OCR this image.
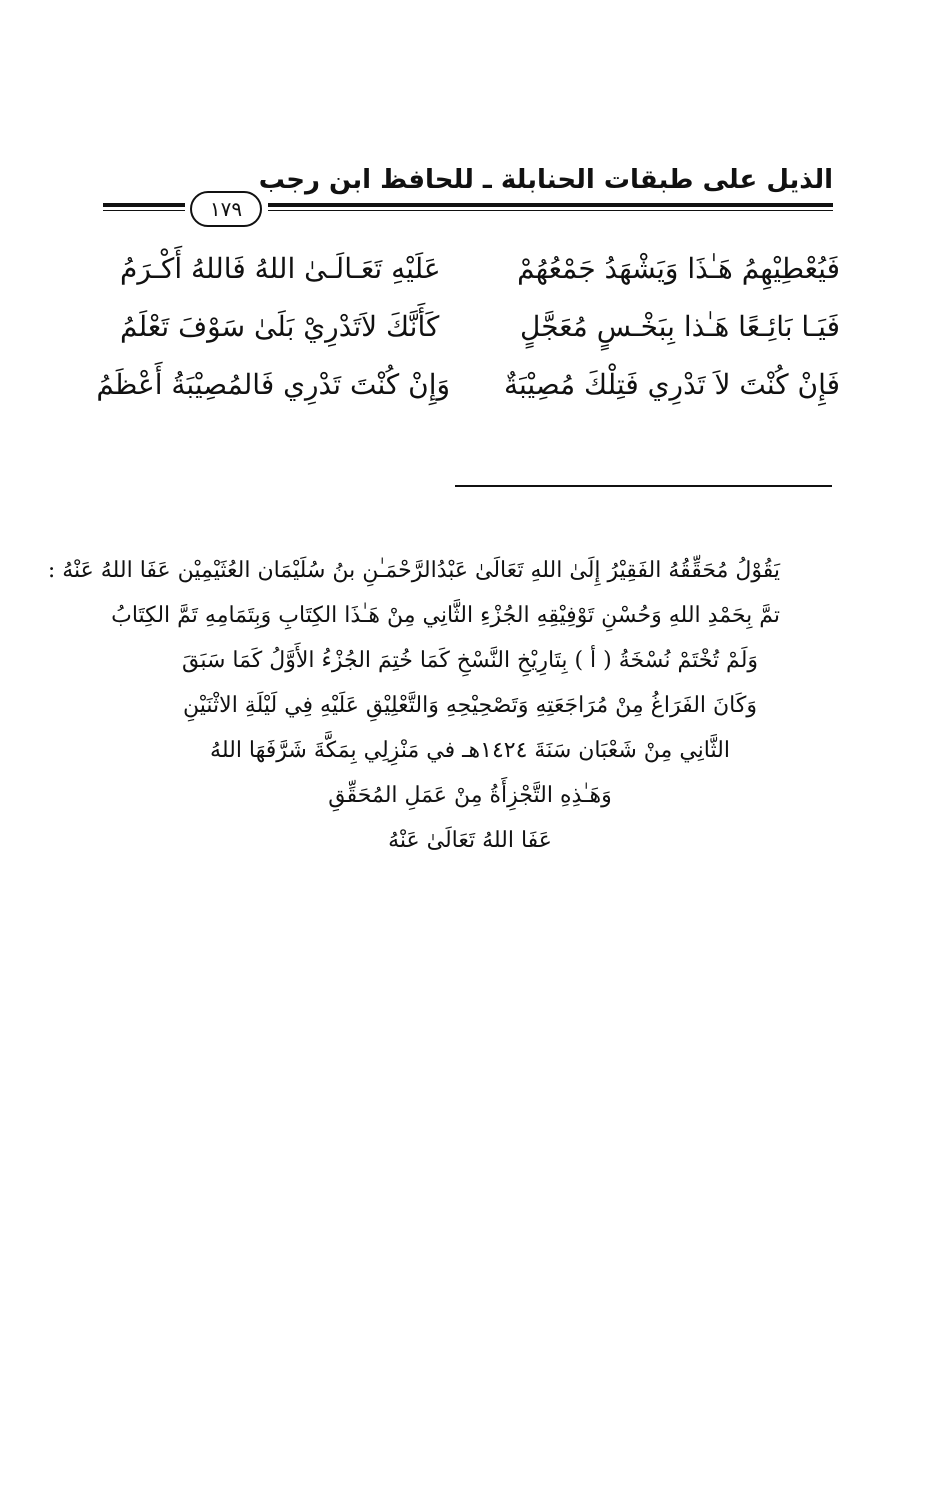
الذيل على طبقات الحنابلة ـ للحافظ ابن رجب
١٧٩
فَيُعْطِيْهِمُ هَـٰذَا وَيَشْهَدُ جَمْعُهُمْ
عَلَيْهِ تَعَـالَـىٰ اللهُ فَاللهُ أَكْـرَمُ
فَيَـا بَائِـعًا هَـٰذا بِبَخْـسٍ مُعَجَّلٍ
كَأَنَّكَ لاَتَدْرِيْ بَلَىٰ سَوْفَ تَعْلَمُ
فَإِنْ كُنْتَ لاَ تَدْرِي فَتِلْكَ مُصِيْبَةٌ
وَإِنْ كُنْتَ تَدْرِي فَالمُصِيْبَةُ أَعْظَمُ
يَقُوْلُ مُحَقِّقُهُ الفَقِيْرُ إِلَىٰ اللهِ تَعَالَىٰ عَبْدُالرَّحْمَـٰنِ بنُ سُلَيْمَان العُثَيْمِيْن عَفَا اللهُ عَنْهُ :
تمَّ بِحَمْدِ اللهِ وَحُسْنِ تَوْفِيْقِهِ الجُزْءِ الثَّانِي مِنْ هَـٰذَا الكِتَابِ وَبِتَمَامِهِ تَمَّ الكِتَابُ
وَلَمْ تُخْتَمْ نُسْخَةُ ( أ ) بِتَارِيْخِ النَّسْخِ كَمَا خُتِمَ الجُزْءُ الأَوَّلُ كَمَا سَبَقَ
وَكَانَ الفَرَاغُ مِنْ مُرَاجَعَتِهِ وَتَصْحِيْحِهِ وَالتَّعْلِيْقِ عَلَيْهِ فِي لَيْلَةِ الاثْنَيْنِ
الثَّانِي مِنْ شَعْبَان سَنَةَ ١٤٢٤هـ في مَنْزِلِي بِمَكَّةَ شَرَّفَهَا اللهُ
وَهَـٰذِهِ التَّجْزِأَةُ مِنْ عَمَلِ المُحَقِّقِ
عَفَا اللهُ تَعَالَىٰ عَنْهُ
